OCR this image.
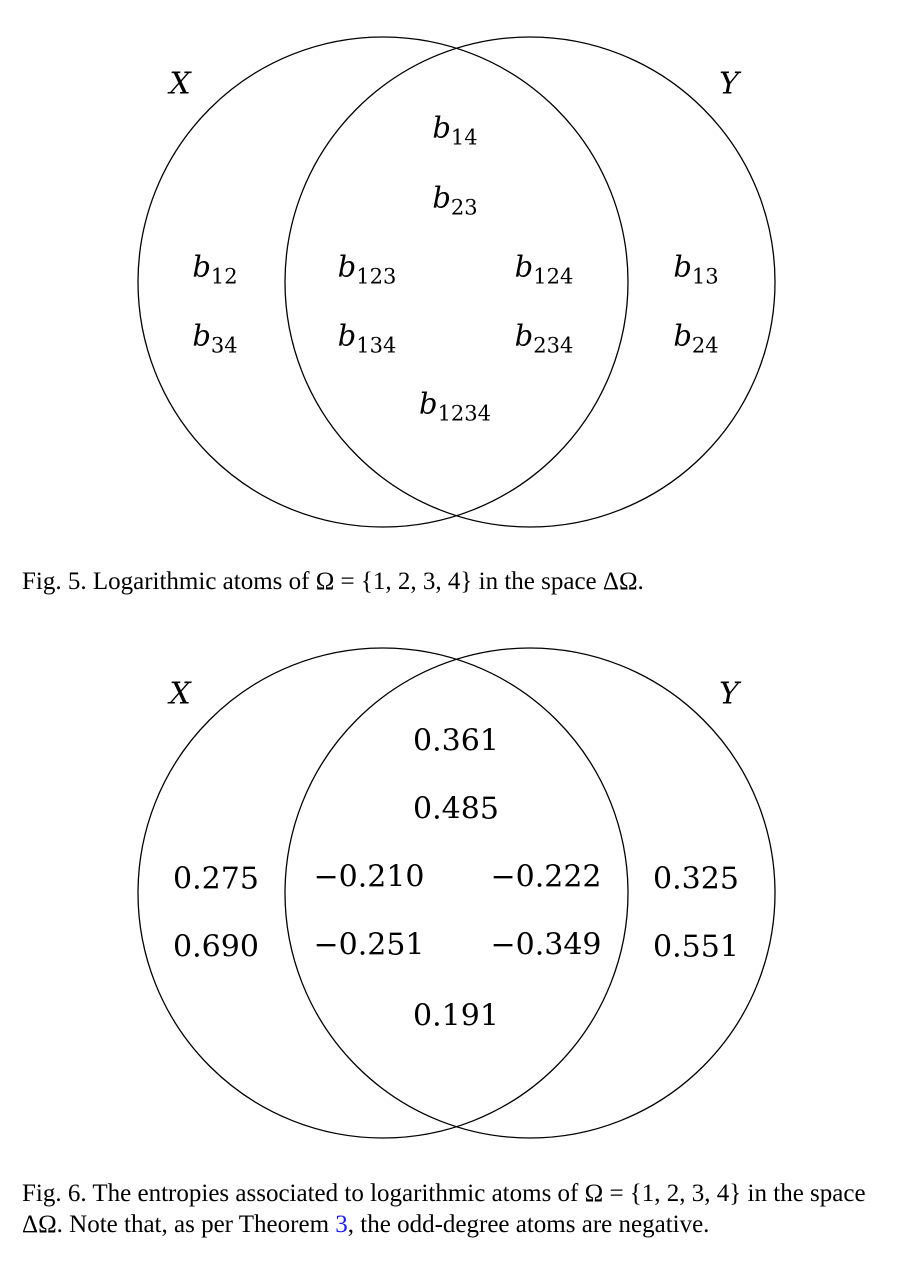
X	Y
$b_{14}$
$b_{23}$
$b_{12}$
$b_{34}$
$b_{123}$
$b_{134}$
$b_{124}$
$b_{234}$
$b_{13}$
$b_{24}$
$b_{1234}$
Fig. 5. Logarithmic atoms of Ω = {1, 2, 3, 4} in the space ΔΩ.
X	Y
0.361
0.485
0.275
0.690
−0.210
−0.251
−0.222
−0.349
0.325
0.551
0.191
Fig. 6. The entropies associated to logarithmic atoms of Ω = {1, 2, 3, 4} in the space ΔΩ. Note that, as per Theorem 3, the odd-degree atoms are negative.
